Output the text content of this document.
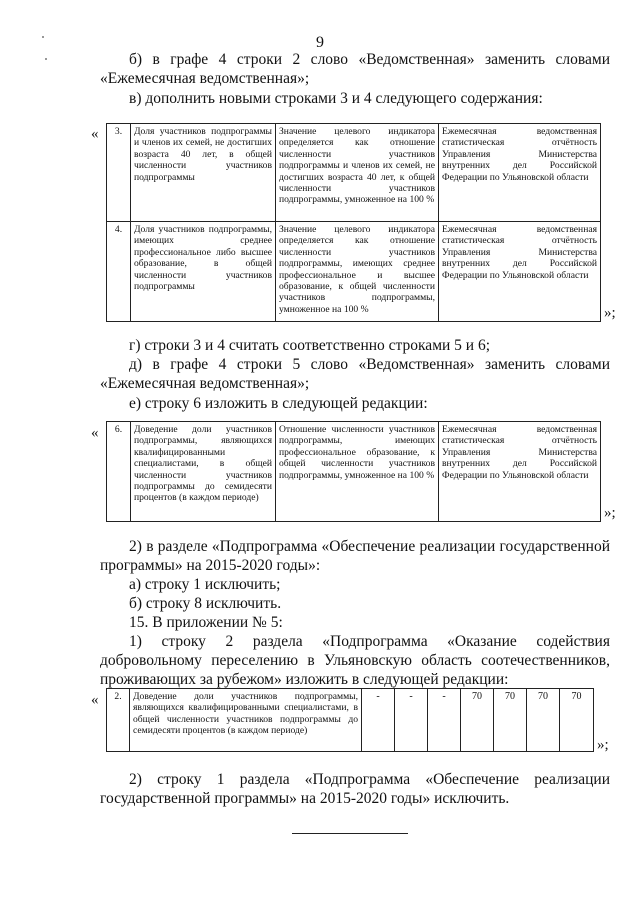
9
б) в графе 4 строки 2 слово «Ведомственная» заменить словами «Ежемесячная ведомственная»;
в) дополнить новыми строками 3 и 4 следующего содержания:
« 3.	Доля участников подпрограммы и членов их семей, не достигших возраста 40 лет, в общей численности участников подпрограммы	Значение целевого индикатора определяется как отношение численности участников подпрограммы и членов их семей, не достигших возраста 40 лет, к общей численности участников подпрограммы, умноженное на 100 %	Ежемесячная ведомственная статистическая отчётность Управления Министерства внутренних дел Российской Федерации по Ульяновской области
4.	Доля участников подпрограммы, имеющих среднее профессиональное либо высшее образование, в общей численности участников подпрограммы	Значение целевого индикатора определяется как отношение численности участников подпрограммы, имеющих среднее профессиональное и высшее образование, к общей численности участников подпрограммы, умноженное на 100 %	Ежемесячная ведомственная статистическая отчётность Управления Министерства внутренних дел Российской Федерации по Ульяновской области
»;
г) строки 3 и 4 считать соответственно строками 5 и 6;
д) в графе 4 строки 5 слово «Ведомственная» заменить словами «Ежемесячная ведомственная»;
е) строку 6 изложить в следующей редакции:
« 6.	Доведение доли участников подпрограммы, являющихся квалифицированными специалистами, в общей численности участников подпрограммы до семидесяти процентов (в каждом периоде)	Отношение численности участников подпрограммы, имеющих профессиональное образование, к общей численности участников подпрограммы, умноженное на 100 %	Ежемесячная ведомственная статистическая отчётность Управления Министерства внутренних дел Российской Федерации по Ульяновской области
»;
2) в разделе «Подпрограмма «Обеспечение реализации государственной программы» на 2015-2020 годы»:
а) строку 1 исключить;
б) строку 8 исключить.
15. В приложении № 5:
1) строку 2 раздела «Подпрограмма «Оказание содействия добровольному переселению в Ульяновскую область соотечественников, проживающих за рубежом» изложить в следующей редакции:
« 2.	Доведение доли участников подпрограммы, являющихся квалифицированными специалистами, в общей численности участников подпрограммы до семидесяти процентов (в каждом периоде)	-	-	-	70	70	70	70
»;
2) строку 1 раздела «Подпрограмма «Обеспечение реализации государственной программы» на 2015-2020 годы» исключить.
